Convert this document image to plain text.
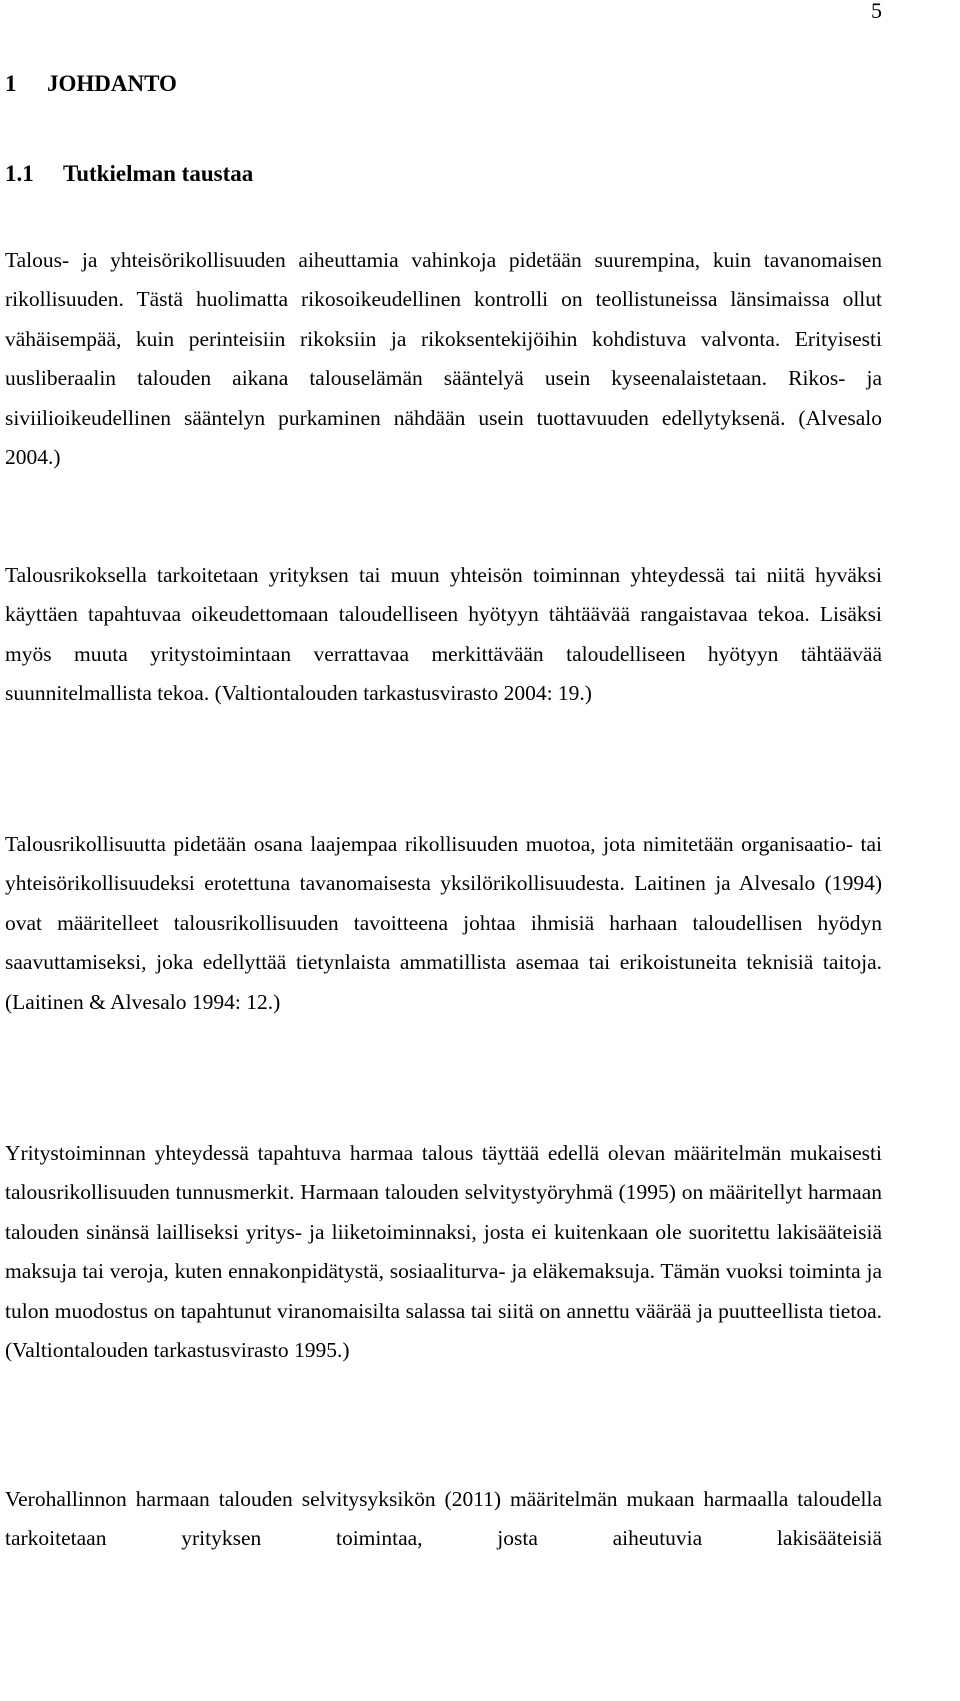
5
1 JOHDANTO
1.1 Tutkielman taustaa

Talous- ja yhteisörikollisuuden aiheuttamia vahinkoja pidetään suurempina, kuin tavanomaisen rikollisuuden. Tästä huolimatta rikosoikeudellinen kontrolli on teollistuneissa länsimaissa ollut vähäisempää, kuin perinteisiin rikoksiin ja rikoksentekijöihin kohdistuva valvonta. Erityisesti uusliberaalin talouden aikana talouselämän sääntelyä usein kyseenalaistetaan. Rikos- ja siviilioikeudellinen sääntelyn purkaminen nähdään usein tuottavuuden edellytyksenä. (Alvesalo 2004.)

Talousrikoksella tarkoitetaan yrityksen tai muun yhteisön toiminnan yhteydessä tai niitä hyväksi käyttäen tapahtuvaa oikeudettomaan taloudelliseen hyötyyn tähtäävää rangaistavaa tekoa. Lisäksi myös muuta yritystoimintaan verrattavaa merkittävään taloudelliseen hyötyyn tähtäävää suunnitelmallista tekoa. (Valtiontalouden tarkastusvirasto 2004: 19.)

Talousrikollisuutta pidetään osana laajempaa rikollisuuden muotoa, jota nimitetään organisaatio- tai yhteisörikollisuudeksi erotettuna tavanomaisesta yksilörikollisuudesta. Laitinen ja Alvesalo (1994) ovat määritelleet talousrikollisuuden tavoitteena johtaa ihmisiä harhaan taloudellisen hyödyn saavuttamiseksi, joka edellyttää tietynlaista ammatillista asemaa tai erikoistuneita teknisiä taitoja. (Laitinen & Alvesalo 1994: 12.)

Yritystoiminnan yhteydessä tapahtuva harmaa talous täyttää edellä olevan määritelmän mukaisesti talousrikollisuuden tunnusmerkit. Harmaan talouden selvitystyöryhmä (1995) on määritellyt harmaan talouden sinänsä lailliseksi yritys- ja liiketoiminnaksi, josta ei kuitenkaan ole suoritettu lakisääteisiä maksuja tai veroja, kuten ennakonpidätystä, sosiaaliturva- ja eläkemaksuja. Tämän vuoksi toiminta ja tulon muodostus on tapahtunut viranomaisilta salassa tai siitä on annettu väärää ja puutteellista tietoa. (Valtiontalouden tarkastusvirasto 1995.)

Verohallinnon harmaan talouden selvitysyksikön (2011) määritelmän mukaan harmaalla taloudella tarkoitetaan yrityksen toimintaa, josta aiheutuvia lakisääteisiä
